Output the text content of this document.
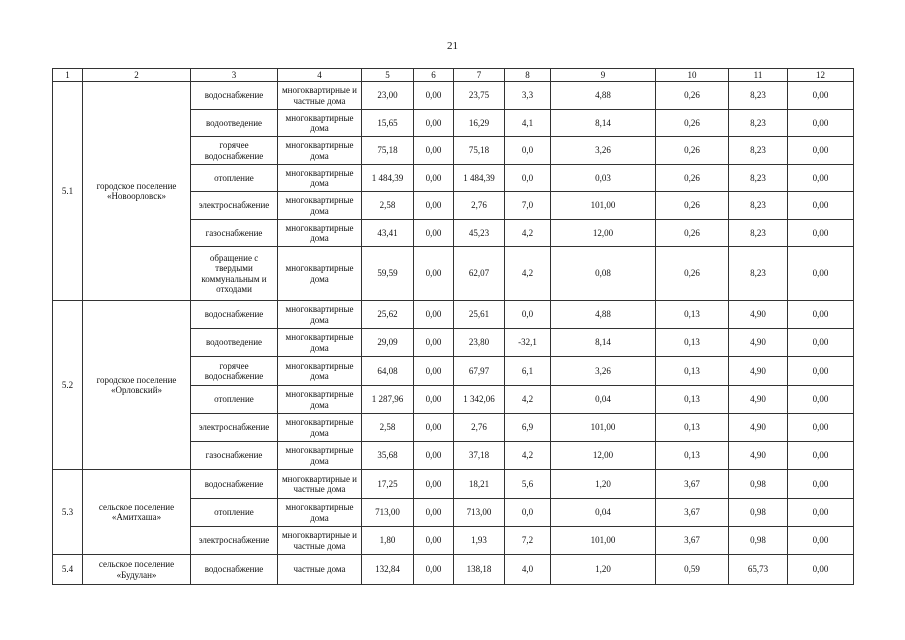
21
1	2	3	4	5	6	7	8	9	10	11	12
5.1	городское поселение «Новоорловск»	водоснабжение	многоквартирные и частные дома	23,00	0,00	23,75	3,3	4,88	0,26	8,23	0,00
		водоотведение	многоквартирные дома	15,65	0,00	16,29	4,1	8,14	0,26	8,23	0,00
		горячее водоснабжение	многоквартирные дома	75,18	0,00	75,18	0,0	3,26	0,26	8,23	0,00
		отопление	многоквартирные дома	1 484,39	0,00	1 484,39	0,0	0,03	0,26	8,23	0,00
		электроснабжение	многоквартирные дома	2,58	0,00	2,76	7,0	101,00	0,26	8,23	0,00
		газоснабжение	многоквартирные дома	43,41	0,00	45,23	4,2	12,00	0,26	8,23	0,00
		обращение с твердыми коммунальным и отходами	многоквартирные дома	59,59	0,00	62,07	4,2	0,08	0,26	8,23	0,00
5.2	городское поселение «Орловский»	водоснабжение	многоквартирные дома	25,62	0,00	25,61	0,0	4,88	0,13	4,90	0,00
		водоотведение	многоквартирные дома	29,09	0,00	23,80	-32,1	8,14	0,13	4,90	0,00
		горячее водоснабжение	многоквартирные дома	64,08	0,00	67,97	6,1	3,26	0,13	4,90	0,00
		отопление	многоквартирные дома	1 287,96	0,00	1 342,06	4,2	0,04	0,13	4,90	0,00
		электроснабжение	многоквартирные дома	2,58	0,00	2,76	6,9	101,00	0,13	4,90	0,00
		газоснабжение	многоквартирные дома	35,68	0,00	37,18	4,2	12,00	0,13	4,90	0,00
5.3	сельское поселение «Амитхаша»	водоснабжение	многоквартирные и частные дома	17,25	0,00	18,21	5,6	1,20	3,67	0,98	0,00
		отопление	многоквартирные дома	713,00	0,00	713,00	0,0	0,04	3,67	0,98	0,00
		электроснабжение	многоквартирные и частные дома	1,80	0,00	1,93	7,2	101,00	3,67	0,98	0,00
5.4	сельское поселение «Будулан»	водоснабжение	частные дома	132,84	0,00	138,18	4,0	1,20	0,59	65,73	0,00
